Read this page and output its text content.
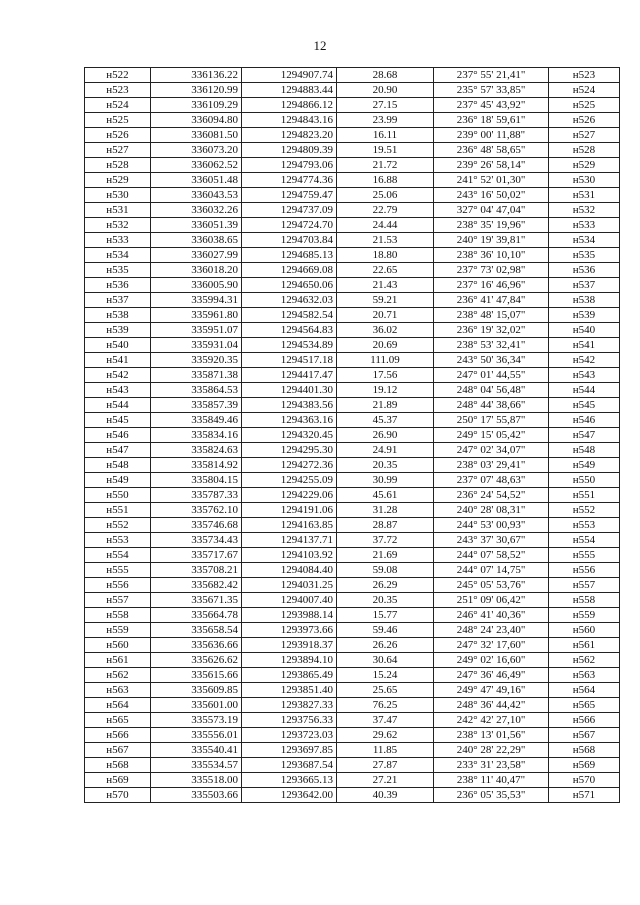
12
н522	336136.22	1294907.74	28.68	237° 55' 21,41"	н523
н523	336120.99	1294883.44	20.90	235° 57' 33,85"	н524
н524	336109.29	1294866.12	27.15	237° 45' 43,92"	н525
н525	336094.80	1294843.16	23.99	236° 18' 59,61"	н526
н526	336081.50	1294823.20	16.11	239° 00' 11,88"	н527
н527	336073.20	1294809.39	19.51	236° 48' 58,65"	н528
н528	336062.52	1294793.06	21.72	239° 26' 58,14"	н529
н529	336051.48	1294774.36	16.88	241° 52' 01,30"	н530
н530	336043.53	1294759.47	25.06	243° 16' 50,02"	н531
н531	336032.26	1294737.09	22.79	327° 04' 47,04"	н532
н532	336051.39	1294724.70	24.44	238° 35' 19,96"	н533
н533	336038.65	1294703.84	21.53	240° 19' 39,81"	н534
н534	336027.99	1294685.13	18.80	238° 36' 10,10"	н535
н535	336018.20	1294669.08	22.65	237° 73' 02,98"	н536
н536	336005.90	1294650.06	21.43	237° 16' 46,96"	н537
н537	335994.31	1294632.03	59.21	236° 41' 47,84"	н538
н538	335961.80	1294582.54	20.71	238° 48' 15,07"	н539
н539	335951.07	1294564.83	36.02	236° 19' 32,02"	н540
н540	335931.04	1294534.89	20.69	238° 53' 32,41"	н541
н541	335920.35	1294517.18	111.09	243° 50' 36,34"	н542
н542	335871.38	1294417.47	17.56	247° 01' 44,55"	н543
н543	335864.53	1294401.30	19.12	248° 04' 56,48"	н544
н544	335857.39	1294383.56	21.89	248° 44' 38,66"	н545
н545	335849.46	1294363.16	45.37	250° 17' 55,87"	н546
н546	335834.16	1294320.45	26.90	249° 15' 05,42"	н547
н547	335824.63	1294295.30	24.91	247° 02' 34,07"	н548
н548	335814.92	1294272.36	20.35	238° 03' 29,41"	н549
н549	335804.15	1294255.09	30.99	237° 07' 48,63"	н550
н550	335787.33	1294229.06	45.61	236° 24' 54,52"	н551
н551	335762.10	1294191.06	31.28	240° 28' 08,31"	н552
н552	335746.68	1294163.85	28.87	244° 53' 00,93"	н553
н553	335734.43	1294137.71	37.72	243° 37' 30,67"	н554
н554	335717.67	1294103.92	21.69	244° 07' 58,52"	н555
н555	335708.21	1294084.40	59.08	244° 07' 14,75"	н556
н556	335682.42	1294031.25	26.29	245° 05' 53,76"	н557
н557	335671.35	1294007.40	20.35	251° 09' 06,42"	н558
н558	335664.78	1293988.14	15.77	246° 41' 40,36"	н559
н559	335658.54	1293973.66	59.46	248° 24' 23,40"	н560
н560	335636.66	1293918.37	26.26	247° 32' 17,60"	н561
н561	335626.62	1293894.10	30.64	249° 02' 16,60"	н562
н562	335615.66	1293865.49	15.24	247° 36' 46,49"	н563
н563	335609.85	1293851.40	25.65	249° 47' 49,16"	н564
н564	335601.00	1293827.33	76.25	248° 36' 44,42"	н565
н565	335573.19	1293756.33	37.47	242° 42' 27,10"	н566
н566	335556.01	1293723.03	29.62	238° 13' 01,56"	н567
н567	335540.41	1293697.85	11.85	240° 28' 22,29"	н568
н568	335534.57	1293687.54	27.87	233° 31' 23,58"	н569
н569	335518.00	1293665.13	27.21	238° 11' 40,47"	н570
н570	335503.66	1293642.00	40.39	236° 05' 35,53"	н571
